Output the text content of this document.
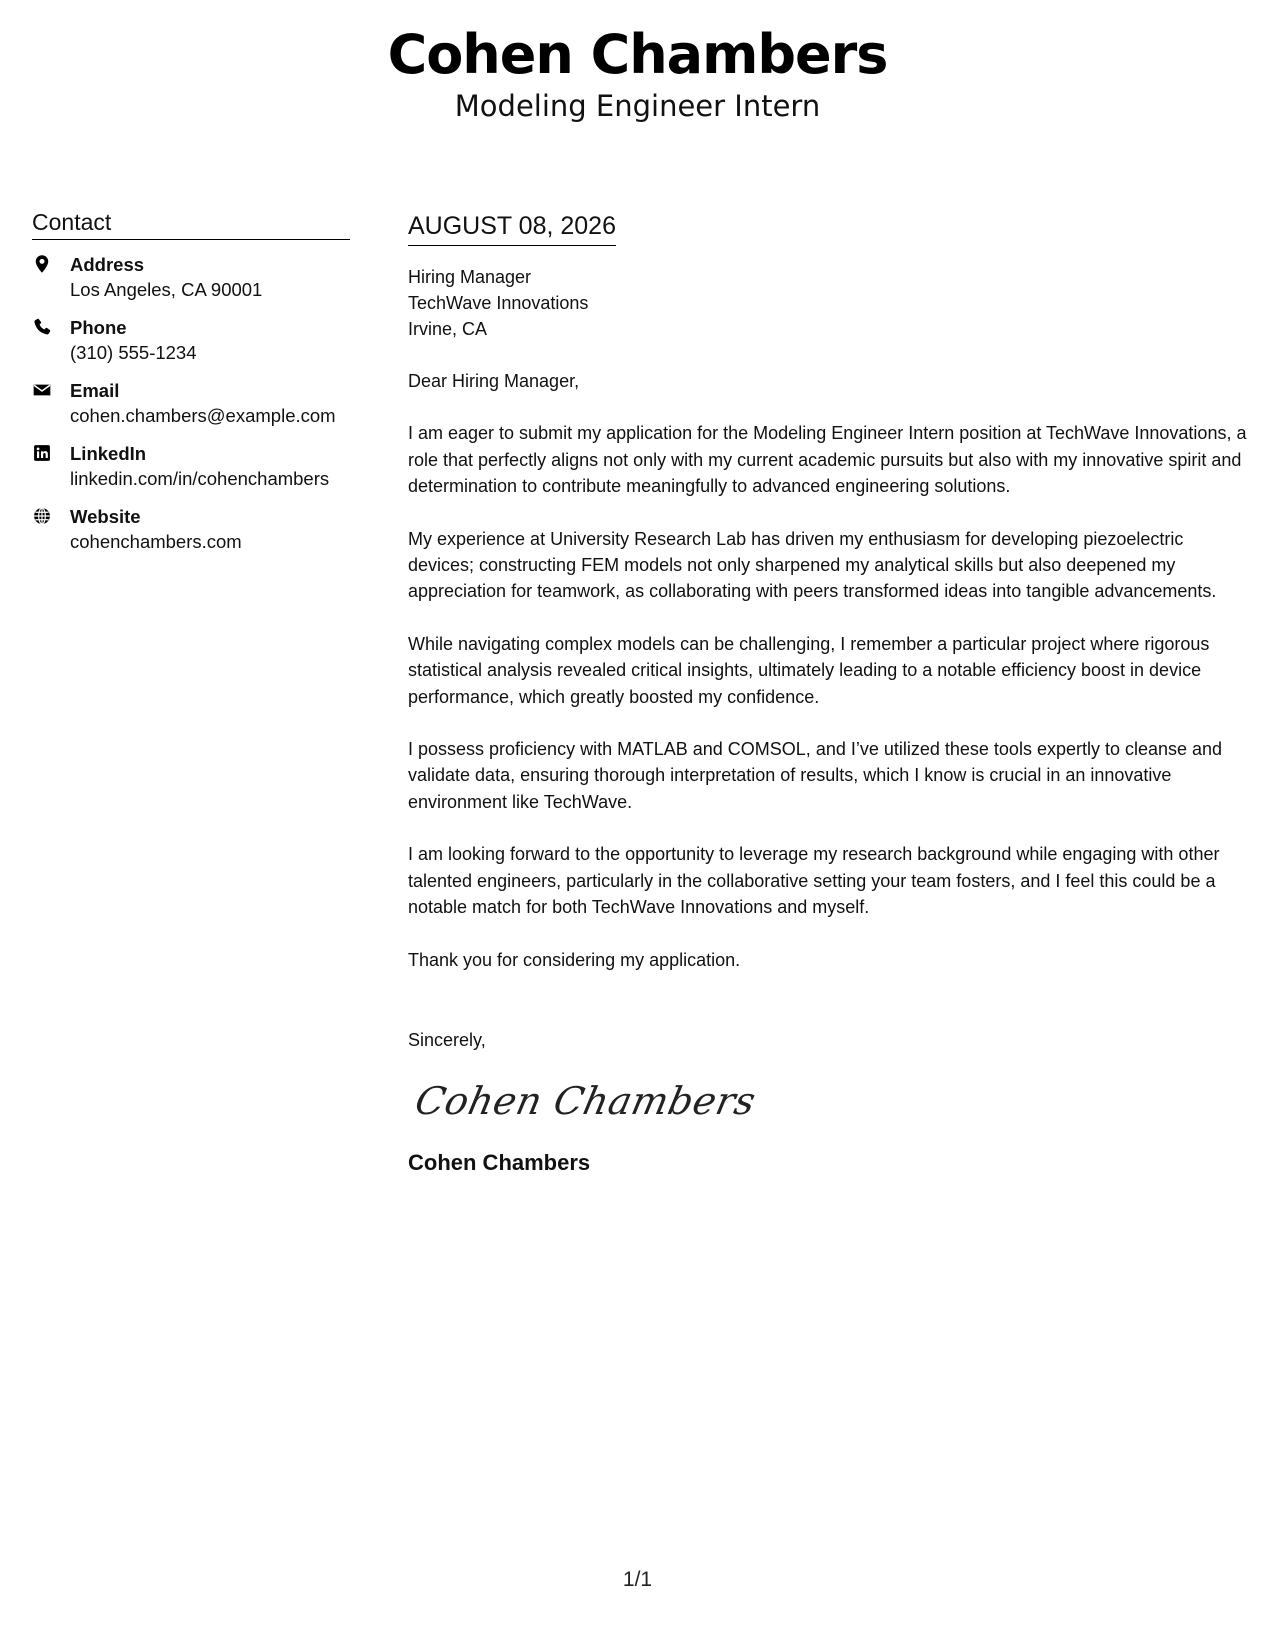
Cohen Chambers
Modeling Engineer Intern
Contact
Address
Los Angeles, CA 90001
Phone
(310) 555-1234
Email
cohen.chambers@example.com
LinkedIn
linkedin.com/in/cohenchambers
Website
cohenchambers.com
AUGUST 08, 2026
Hiring Manager
TechWave Innovations
Irvine, CA
Dear Hiring Manager,
I am eager to submit my application for the Modeling Engineer Intern position at TechWave Innovations, a role that perfectly aligns not only with my current academic pursuits but also with my innovative spirit and determination to contribute meaningfully to advanced engineering solutions.
My experience at University Research Lab has driven my enthusiasm for developing piezoelectric devices; constructing FEM models not only sharpened my analytical skills but also deepened my appreciation for teamwork, as collaborating with peers transformed ideas into tangible advancements.
While navigating complex models can be challenging, I remember a particular project where rigorous statistical analysis revealed critical insights, ultimately leading to a notable efficiency boost in device performance, which greatly boosted my confidence.
I possess proficiency with MATLAB and COMSOL, and I’ve utilized these tools expertly to cleanse and validate data, ensuring thorough interpretation of results, which I know is crucial in an innovative environment like TechWave.
I am looking forward to the opportunity to leverage my research background while engaging with other talented engineers, particularly in the collaborative setting your team fosters, and I feel this could be a notable match for both TechWave Innovations and myself.
Thank you for considering my application.
Sincerely,
Cohen Chambers
Cohen Chambers
1/1
